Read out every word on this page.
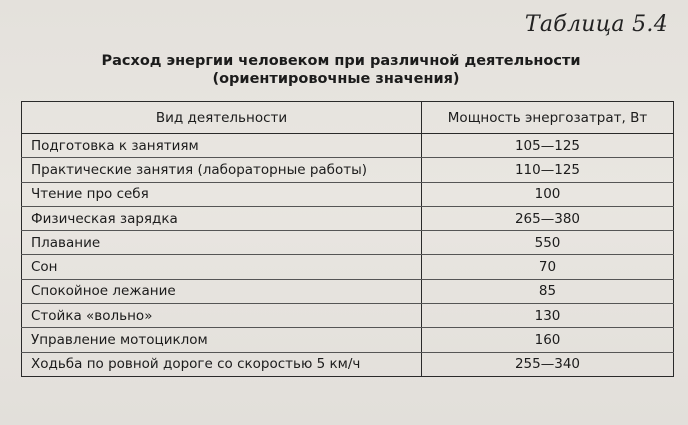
Таблица 5.4
Расход энергии человеком при различной деятельности
(ориентировочные значения)
Вид деятельности	Мощность энергозатрат, Вт
Подготовка к занятиям	105—125
Практические занятия (лабораторные работы)	110—125
Чтение про себя	100
Физическая зарядка	265—380
Плавание	550
Сон	70
Спокойное лежание	85
Стойка «вольно»	130
Управление мотоциклом	160
Ходьба по ровной дороге со скоростью 5 км/ч	255—340
